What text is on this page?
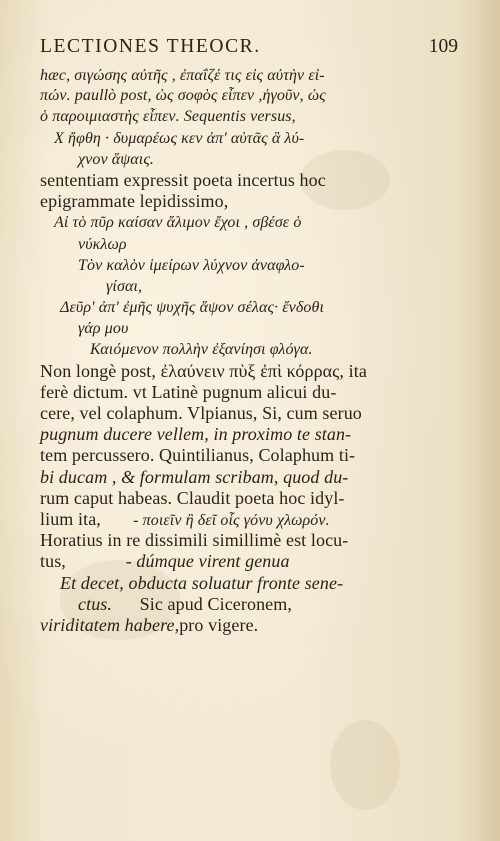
LECTIONES THEOCR.	109
hæc, σιγώσης αὐτῆς , ἐπαΐζέ τις εἰς αὐτὴν εἰ-
πών. paullò post, ὡς σοφὸς εἶπεν ,ἡγοῦν, ὡς
ὁ παροιμιαστὴς εἶπεν. Sequentis versus,
Χ ἤφθη · δυμαρέως κεν ἀπ' αὐτᾶς ἃ λύ-
χνον ἅψαις.
sententiam expressit poeta incertus hoc
epigrammate lepidissimo,
Αἰ τὸ πῦρ καίσαν ἄλιμον ἔχοι , σβέσε ὁ
νύκλωρ
Τὸν καλὸν ἱμείρων λύχνον ἀναφλο-
γίσαι,
Δεῦρ' ἀπ' ἐμῆς ψυχῆς ἅψον σέλας· ἔνδοθι
γάρ μου
Καιόμενον πολλὴν ἐξανίησι φλόγα.
Non longè post, ἐλαύνειν πὺξ ἐπὶ κόρρας, ita
ferè dictum. vt Latinè pugnum alicui du-
cere, vel colaphum. Vlpianus, Si, cum seruo
pugnum ducere vellem, in proximo te stan-
tem percussero. Quintilianus, Colaphum ti-
bi ducam , & formulam scribam, quod du-
rum caput habeas. Claudit poeta hoc idyl-
lium ita, - ποιεῖν ἢ δεῖ οἷς γόνυ χλωρόν.
Horatius in re dissimili simillimè est locu-
tus,	- dúmque virent genua
Et decet, obducta soluatur fronte sene-
ctus. Sic apud Ciceronem,
viriditatem habere,pro vigere.
